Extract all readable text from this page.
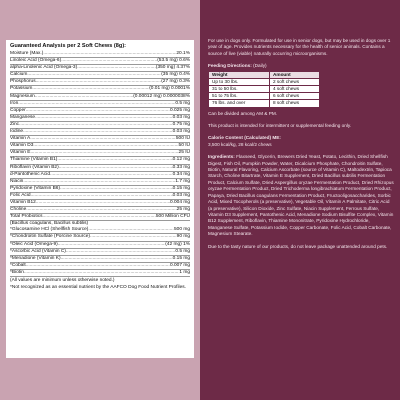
Guaranteed Analysis per 2 Soft Chews (8g):
Moisture (Max.) .....	20.1%
Linoleic Acid (Omega-6) .....	(53.5 mg) 0.6%
alpha-Linolenic Acid (Omega-3) .....	(350 mg) 4.37%
Calcium .....	(35 mg) 0.4%
Phosphorus .....	(27 mg) 0.3%
Potassium .....	(0.01 mg) 0.0001%
Magnesium .....	(0.00012 mg) 0.0000038%
Iron .....	0.5 mg
Copper .....	0.025 mg
Manganese .....	0.03 mg
Zinc .....	0.75 mg
Iodine .....	0.03 mg
Vitamin A .....	500 IU
Vitamin D3 .....	50 IU
Vitamin E .....	25 IU
Thiamine (Vitamin B1) .....	0.12 mg
Riboflavin (Vitamin B2) .....	0.33 mg
d-Pantothenic Acid .....	0.34 mg
Niacin .....	1.7 mg
Pyridoxine (Vitamin B6) .....	0.15 mg
Folic Acid .....	0.03 mg
Vitamin B12 .....	0.004 mg
Choline .....	25 mg
Total Probiotics .....	500 Million CFU
(Bacillus coagulans, Bacillus subtilis)
*Glucosamine HCl (Shellfish Source) .....	500 mg
*Chondroitin Sulfate (Porcine Source) .....	90 mg
*Oleic Acid (Omega-9) .....	(42 mg) 1%
*Ascorbic Acid (Vitamin C) .....	0.5 mg
*Menadione (Vitamin K) .....	0.15 mg
*Cobalt .....	0.007 mg
*Biotin .....	1 mg
(All values are minimum unless otherwise noted.)
*Not recognized as an essential nutrient by the AAFCO Dog Food Nutrient Profiles.

For use in dogs only. Formulated for use in senior dogs, but may be used in dogs over 1 year of age. Provides nutrients necessary for the health of senior animals. Contains a source of live (viable) naturally occurring microorganisms.

Feeding Directions: (Daily)
Weight	Amount
Up to 30 lbs.	2 soft chews
31 to 50 lbs.	4 soft chews
51 to 75 lbs.	6 soft chews
76 lbs. and over	8 soft chews

Can be divided among AM & PM.

This product is intended for intermittent or supplemental feeding only.

Calorie Content (Calculated) ME:
3,500 kcal/kg, 28 kcal/2 chews

Ingredients: Flaxseed, Glycerin, Brewers Dried Yeast, Potato, Lecithin, Dried Shellfish Digest, Fish Oil, Pumpkin Powder, Water, Dicalcium Phosphate, Chondroitin Sulfate, Biotin, Natural Flavoring, Calcium Ascorbate (source of Vitamin C), Maltodextrin, Tapioca Starch, Choline Bitartrate, Vitamin E Supplement, Dried Bacillus subtilis Fermentation Product, Calcium Sulfate, Dried Aspergillus oryzae Fermentation Product, Dried Rhizopus oryzae Fermentation Product, Dried Trichoderma longibrachiatum Fermentation Product, Papaya, Dried Bacillus coagulans Fermentation Product, Fructooligosaccharides, Sorbic Acid, Mixed Tocopherols (a preservative), Vegetable Oil, Vitamin A Palmitate, Citric Acid (a preservative), Silicon Dioxide, Zinc Sulfate, Niacin Supplement, Ferrous Sulfate, Vitamin D3 Supplement, Pantothenic Acid, Menadione Sodium Bisulfite Complex, Vitamin B12 Supplement, Riboflavin, Thiamine Mononitrate, Pyridoxine Hydrochloride, Manganese Sulfate, Potassium Iodide, Copper Carbonate, Folic Acid, Cobalt Carbonate, Magnesium Stearate.

Due to the tasty nature of our products, do not leave package unattended around pets.
